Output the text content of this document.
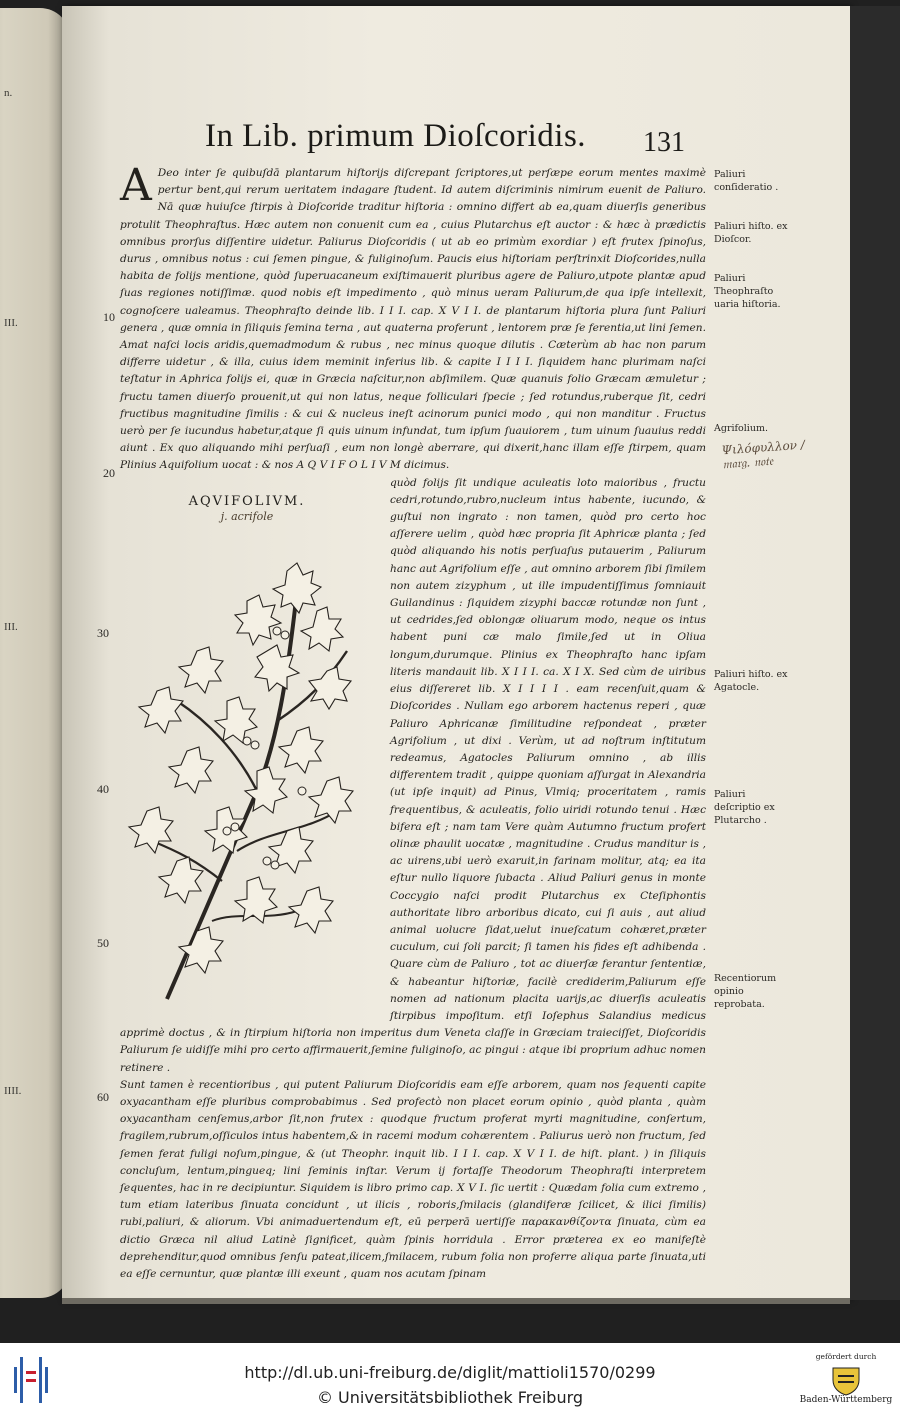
n.
III.
III.
IIII.
In Lib. primum Dioſcoridis. 131
10
20
30
40
50
60

A Deo inter ſe quibuſdā plantarum hiſtorijs diſcrepant ſcriptores,ut perſæpe eorum mentes maximè pertur bent,qui rerum ueritatem indagare ſtudent. Id autem diſcriminis nimirum euenit de Paliuro. Nā quæ huiuſce ſtirpis à Dioſcoride traditur hiſtoria : omnino differt ab ea,quam diuerſis generibus protulit Theophraſtus. Hæc autem non conuenit cum ea , cuius Plutarchus eſt auctor : & hæc à prædictis omnibus prorſus diſſentire uidetur. Paliurus Dioſcoridis ( ut ab eo primùm exordiar ) eſt frutex ſpinoſus, durus , omnibus notus : cui ſemen pingue, & fuliginoſum. Paucis eius hiſtoriam perſtrinxit Dioſcorides,nulla habita de folijs mentione, quòd ſuperuacaneum exiſtimauerit pluribus agere de Paliuro,utpote plantæ apud ſuas regiones notiſſimæ. quod nobis eſt impedimento , quò minus ueram Paliurum,de qua ipſe intellexit, cognoſcere ualeamus. Theophraſto deinde lib. I I I. cap. X V I I. de plantarum hiſtoria plura ſunt Paliuri genera , quæ omnia in ſiliquis ſemina terna , aut quaterna proferunt , lentorem præ ſe ferentia,ut lini ſemen. Amat naſci locis aridis,quemadmodum & rubus , nec minus quoque dilutis . Cæterùm ab hac non parum differre uidetur , & illa, cuius idem meminit inferius lib. & capite I I I I. ſiquidem hanc plurimam naſci teſtatur in Aphrica folijs ei, quæ in Græcia naſcitur,non abſimilem. Quæ quanuis folio Græcam æmuletur ; fructu tamen diuerſo prouenit,ut qui non latus, neque folliculari ſpecie ; ſed rotundus,ruberque ſit, cedri fructibus magnitudine ſimilis : & cui & nucleus ineſt acinorum punici modo , qui non manditur . Fructus uerò per ſe iucundus habetur,atque ſi quis uinum infundat, tum ipſum ſuauiorem , tum uinum ſuauius reddi aiunt . Ex quo aliquando mihi perſuaſi , eum non longè aberrare, qui dixerit,hanc illam eſſe ſtirpem, quam Plinius Aquifolium uocat : & nos A Q V I F O L I V M dicimus.

AQVIFOLIVM.
j. acrifole

quòd folijs ſit undique aculeatis loto maioribus , fructu cedri,rotundo,rubro,nucleum intus habente, iucundo, & guſtui non ingrato : non tamen, quòd pro certo hoc aſſerere uelim , quòd hæc propria ſit Aphricæ planta ; ſed quòd aliquando his notis perſuaſus putauerim , Paliurum hanc aut Agrifolium eſſe , aut omnino arborem ſibi ſimilem non autem zizyphum , ut ille impudentiſſimus ſomniauit Guilandinus : ſiquidem zizyphi baccæ rotundæ non ſunt , ut cedrides,ſed oblongæ oliuarum modo, neque os intus habent puni cæ malo ſimile,ſed ut in Oliua longum,durumque. Plinius ex Theophraſto hanc ipſam literis mandauit lib. X I I I. ca. X I X. Sed cùm de uiribus eius diſſereret lib. X I I I I . eam recenſuit,quam & Dioſcorides . Nullam ego arborem hactenus reperi , quæ Paliuro Aphricanæ ſimilitudine reſpondeat , præter Agrifolium , ut dixi . Verùm, ut ad noſtrum inſtitutum redeamus, Agatocles Paliurum omnino , ab illis differentem tradit , quippe quoniam aſſurgat in Alexandria (ut ipſe inquit) ad Pinus, Vlmiq; proceritatem , ramis frequentibus, & aculeatis, folio uiridi rotundo tenui . Hæc bifera eſt ; nam tam Vere quàm Autumno fructum profert olinæ phaulit uocatæ , magnitudine . Crudus manditur is , ac uirens,ubi uerò exaruit,in farinam molitur, atq; ea ita eſtur nullo liquore ſubacta . Aliud Paliuri genus in monte Coccygio naſci prodit Plutarchus ex Cteſiphontis authoritate libro arboribus dicato, cui ſi auis , aut aliud animal uolucre ſidat,uelut inueſcatum cohæret,præter cuculum, cui ſoli parcit; ſi tamen his fides eſt adhibenda . Quare cùm de Paliuro , tot ac diuerſæ ferantur ſententiæ, & habeantur hiſtoriæ, facilè crediderim,Paliurum eſſe nomen ad nationum placita uarijs,ac diuerſis aculeatis ſtirpibus impoſitum. etſi Ioſephus Salandius medicus apprimè doctus , & in ſtirpium hiſtoria non imperitus dum Veneta claſſe in Græciam traieciſſet, Dioſcoridis Paliurum ſe uidiſſe mihi pro certo affirmauerit,ſemine fuliginoſo, ac pingui : atque ibi proprium adhuc nomen retinere .

Sunt tamen è recentioribus , qui putent Paliurum Dioſcoridis eam eſſe arborem, quam nos ſequenti capite oxyacantham eſſe pluribus comprobabimus . Sed profectò non placet eorum opinio , quòd planta , quàm oxyacantham cenſemus,arbor ſit,non frutex : quodque fructum proferat myrti magnitudine, conſertum, fragilem,rubrum,oſſiculos intus habentem,& in racemi modum cohærentem . Paliurus uerò non fructum, ſed ſemen ferat fuligi noſum,pingue, & (ut Theophr. inquit lib. I I I. cap. X V I I. de hiſt. plant. ) in ſiliquis concluſum, lentum,pingueq; lini ſeminis inſtar. Verum ij fortaſſe Theodorum Theophraſti interpretem ſequentes, hac in re decipiuntur. Siquidem is libro primo cap. X V I. ſic uertit : Quædam folia cum extremo , tum etiam lateribus ſinuata concidunt , ut ilicis , roboris,ſmilacis (glandiferæ ſcilicet, & ilici ſimilis) rubi,paliuri, & aliorum. Vbi animaduertendum eſt, eū perperā uertiſſe παρακανθίζοντα ſinuata, cùm ea dictio Græca nil aliud Latinè ſignificet, quàm ſpinis horridula . Error præterea ex eo manifeſtè deprehenditur,quod omnibus ſenſu pateat,ilicem,ſmilacem, rubum folia non proferre aliqua parte ſinuata,uti ea eſſe cernuntur, quæ plantæ illi exeunt , quam nos acutam ſpinam

Paliuri conſideratio .
Paliuri hiſto. ex Dioſcor.
Paliuri Theophraſto uaria hiſtoria.
Agrifolium.
Paliuri hiſto. ex Agatocle.
Paliuri deſcriptio ex Plutarcho .
Recentiorum opinio reprobata.
Ψιλόφυλλον / 𝔪𝔞𝔯𝔤. 𝔫𝔬𝔱𝔢
http://dl.ub.uni-freiburg.de/diglit/mattioli1570/0299
© Universitätsbibliothek Freiburg
gefördert durch
Baden-Württemberg
